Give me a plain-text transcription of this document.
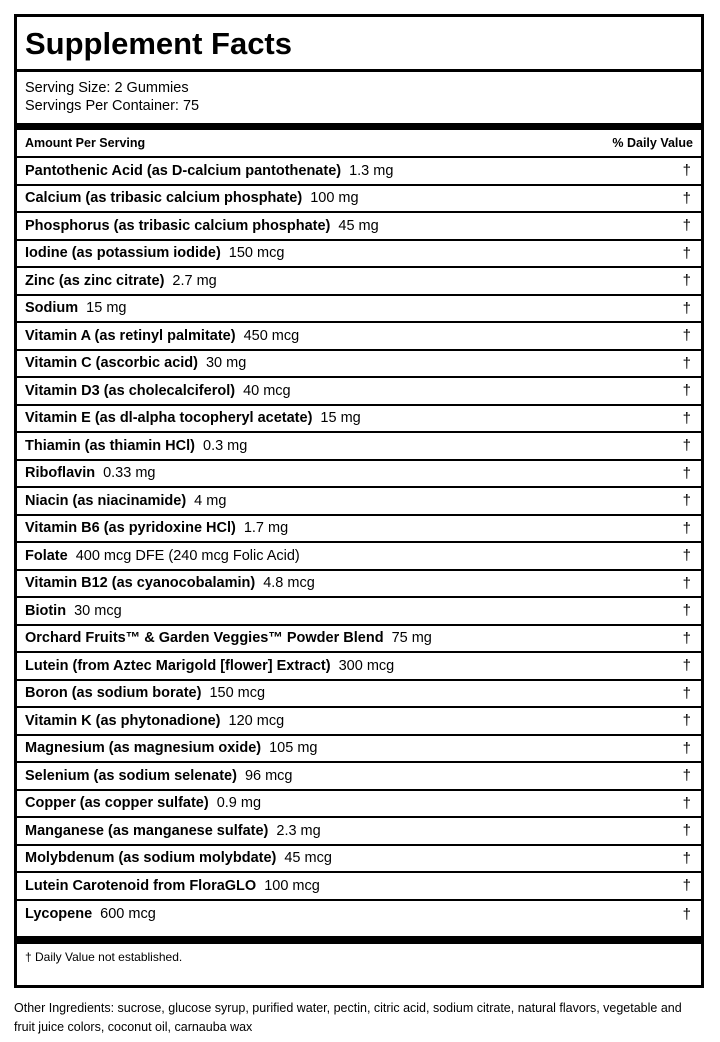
Supplement Facts
Serving Size: 2 Gummies
Servings Per Container: 75
Amount Per Serving	% Daily Value
Pantothenic Acid (as D-calcium pantothenate) 1.3 mg	†
Calcium (as tribasic calcium phosphate) 100 mg	†
Phosphorus (as tribasic calcium phosphate) 45 mg	†
Iodine (as potassium iodide) 150 mcg	†
Zinc (as zinc citrate) 2.7 mg	†
Sodium 15 mg	†
Vitamin A (as retinyl palmitate) 450 mcg	†
Vitamin C (ascorbic acid) 30 mg	†
Vitamin D3 (as cholecalciferol) 40 mcg	†
Vitamin E (as dl-alpha tocopheryl acetate) 15 mg	†
Thiamin (as thiamin HCl) 0.3 mg	†
Riboflavin 0.33 mg	†
Niacin (as niacinamide) 4 mg	†
Vitamin B6 (as pyridoxine HCl) 1.7 mg	†
Folate 400 mcg DFE (240 mcg Folic Acid)	†
Vitamin B12 (as cyanocobalamin) 4.8 mcg	†
Biotin 30 mcg	†
Orchard Fruits™ & Garden Veggies™ Powder Blend 75 mg	†
Lutein (from Aztec Marigold [flower] Extract) 300 mcg	†
Boron (as sodium borate) 150 mcg	†
Vitamin K (as phytonadione) 120 mcg	†
Magnesium (as magnesium oxide) 105 mg	†
Selenium (as sodium selenate) 96 mcg	†
Copper (as copper sulfate) 0.9 mg	†
Manganese (as manganese sulfate) 2.3 mg	†
Molybdenum (as sodium molybdate) 45 mcg	†
Lutein Carotenoid from FloraGLO 100 mcg	†
Lycopene 600 mcg	†
† Daily Value not established.
Other Ingredients: sucrose, glucose syrup, purified water, pectin, citric acid, sodium citrate, natural flavors, vegetable and fruit juice colors, coconut oil, carnauba wax
